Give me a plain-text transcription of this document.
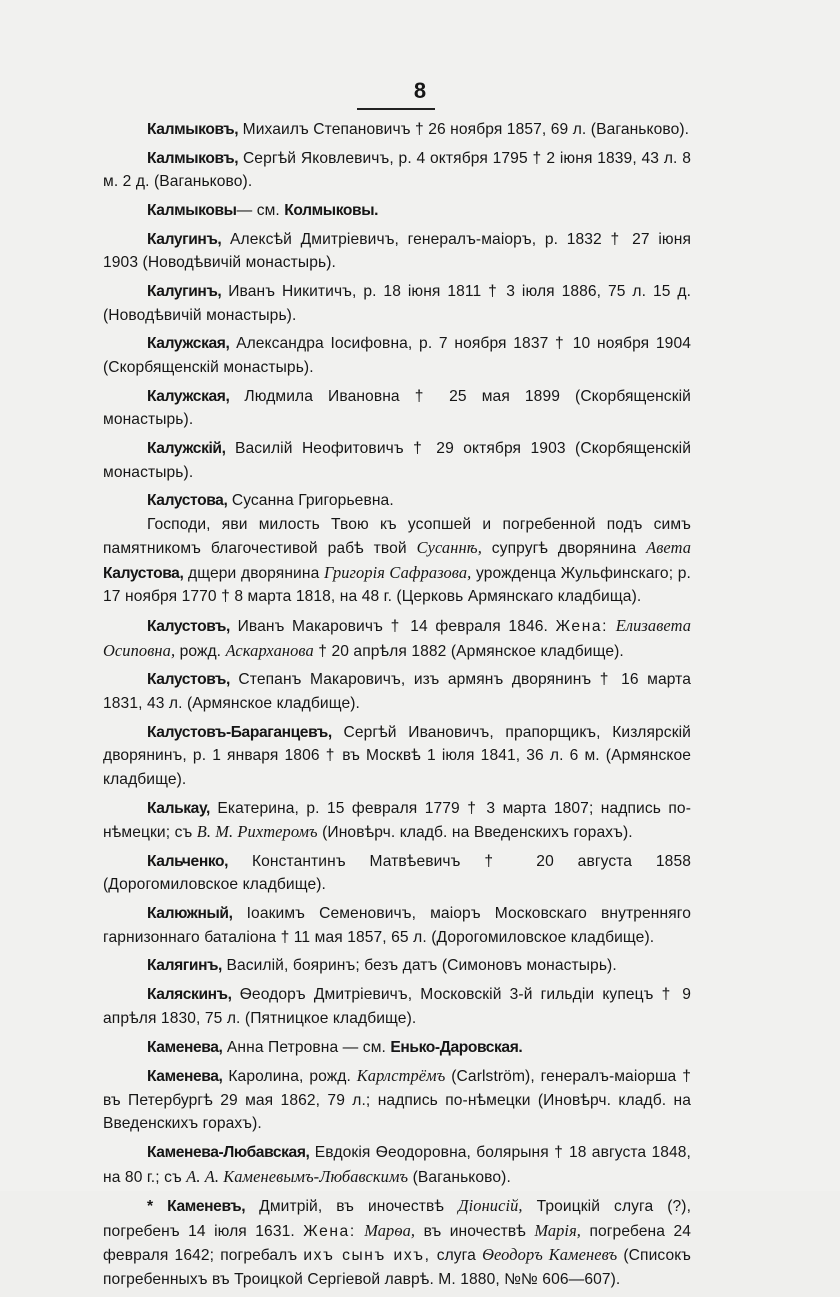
8

Калмыковъ, Михаилъ Степановичъ † 26 ноября 1857, 69 л. (Ваганьково).

Калмыковъ, Сергѣй Яковлевичъ, р. 4 октября 1795 † 2 іюня 1839, 43 л. 8 м. 2 д. (Ваганьково).

Калмыковы— см. Колмыковы.

Калугинъ, Алексѣй Дмитріевичъ, генералъ-маіоръ, р. 1832 † 27 іюня 1903 (Новодѣвичій монастырь).

Калугинъ, Иванъ Никитичъ, р. 18 іюня 1811 † 3 іюля 1886, 75 л. 15 д. (Новодѣвичій монастырь).

Калужская, Александра Іосифовна, р. 7 ноября 1837 † 10 ноября 1904 (Скорбященскій монастырь).

Калужская, Людмила Ивановна † 25 мая 1899 (Скорбященскій монастырь).

Калужскій, Василій Неофитовичъ † 29 октября 1903 (Скорбященскій монастырь).

Калустова, Сусанна Григорьевна.

Господи, яви милость Твою къ усопшей и погребенной подъ симъ памятникомъ благочестивой рабѣ твой Сусаннѣ, супругѣ дворянина Авета Калустова, дщери дворянина Григорія Сафразова, урожденца Жульфинскаго; р. 17 ноября 1770 † 8 марта 1818, на 48 г. (Церковь Армянскаго кладбища).

Калустовъ, Иванъ Макаровичъ † 14 февраля 1846. Жена: Елизавета Осиповна, рожд. Аскарханова † 20 апрѣля 1882 (Армянское кладбище).

Калустовъ, Степанъ Макаровичъ, изъ армянъ дворянинъ † 16 марта 1831, 43 л. (Армянское кладбище).

Калустовъ-Бараганцевъ, Сергѣй Ивановичъ, прапорщикъ, Кизлярскій дворянинъ, р. 1 января 1806 † въ Москвѣ 1 іюля 1841, 36 л. 6 м. (Армянское кладбище).

Калькау, Екатерина, р. 15 февраля 1779 † 3 марта 1807; надпись по-нѣмецки; съ В. М. Рихтеромъ (Иновѣрч. кладб. на Введенскихъ горахъ).

Кальченко, Константинъ Матвѣевичъ † 20 августа 1858 (Дорогомиловское кладбище).

Калюжный, Іоакимъ Семеновичъ, маіоръ Московскаго внутренняго гарнизоннаго баталіона † 11 мая 1857, 65 л. (Дорогомиловское кладбище).

Калягинъ, Василій, бояринъ; безъ датъ (Симоновъ монастырь).

Каляскинъ, Ѳеодоръ Дмитріевичъ, Московскій 3-й гильдіи купецъ † 9 апрѣля 1830, 75 л. (Пятницкое кладбище).

Каменева, Анна Петровна — см. Енько-Даровская.

Каменева, Каролина, рожд. Карлстрёмъ (Carlström), генералъ-маіорша † въ Петербургѣ 29 мая 1862, 79 л.; надпись по-нѣмецки (Иновѣрч. кладб. на Введенскихъ горахъ).

Каменева-Любавская, Евдокія Ѳеодоровна, болярыня † 18 августа 1848, на 80 г.; съ А. А. Каменевымъ-Любавскимъ (Ваганьково).

* Каменевъ, Дмитрій, въ иночествѣ Діонисій, Троицкій слуга (?), погребенъ 14 іюля 1631. Жена: Марѳа, въ иночествѣ Марія, погребена 24 февраля 1642; погребалъ ихъ сынъ ихъ, слуга Ѳеодоръ Каменевъ (Списокъ погребенныхъ въ Троицкой Сергіевой лаврѣ. М. 1880, №№ 606—607).
